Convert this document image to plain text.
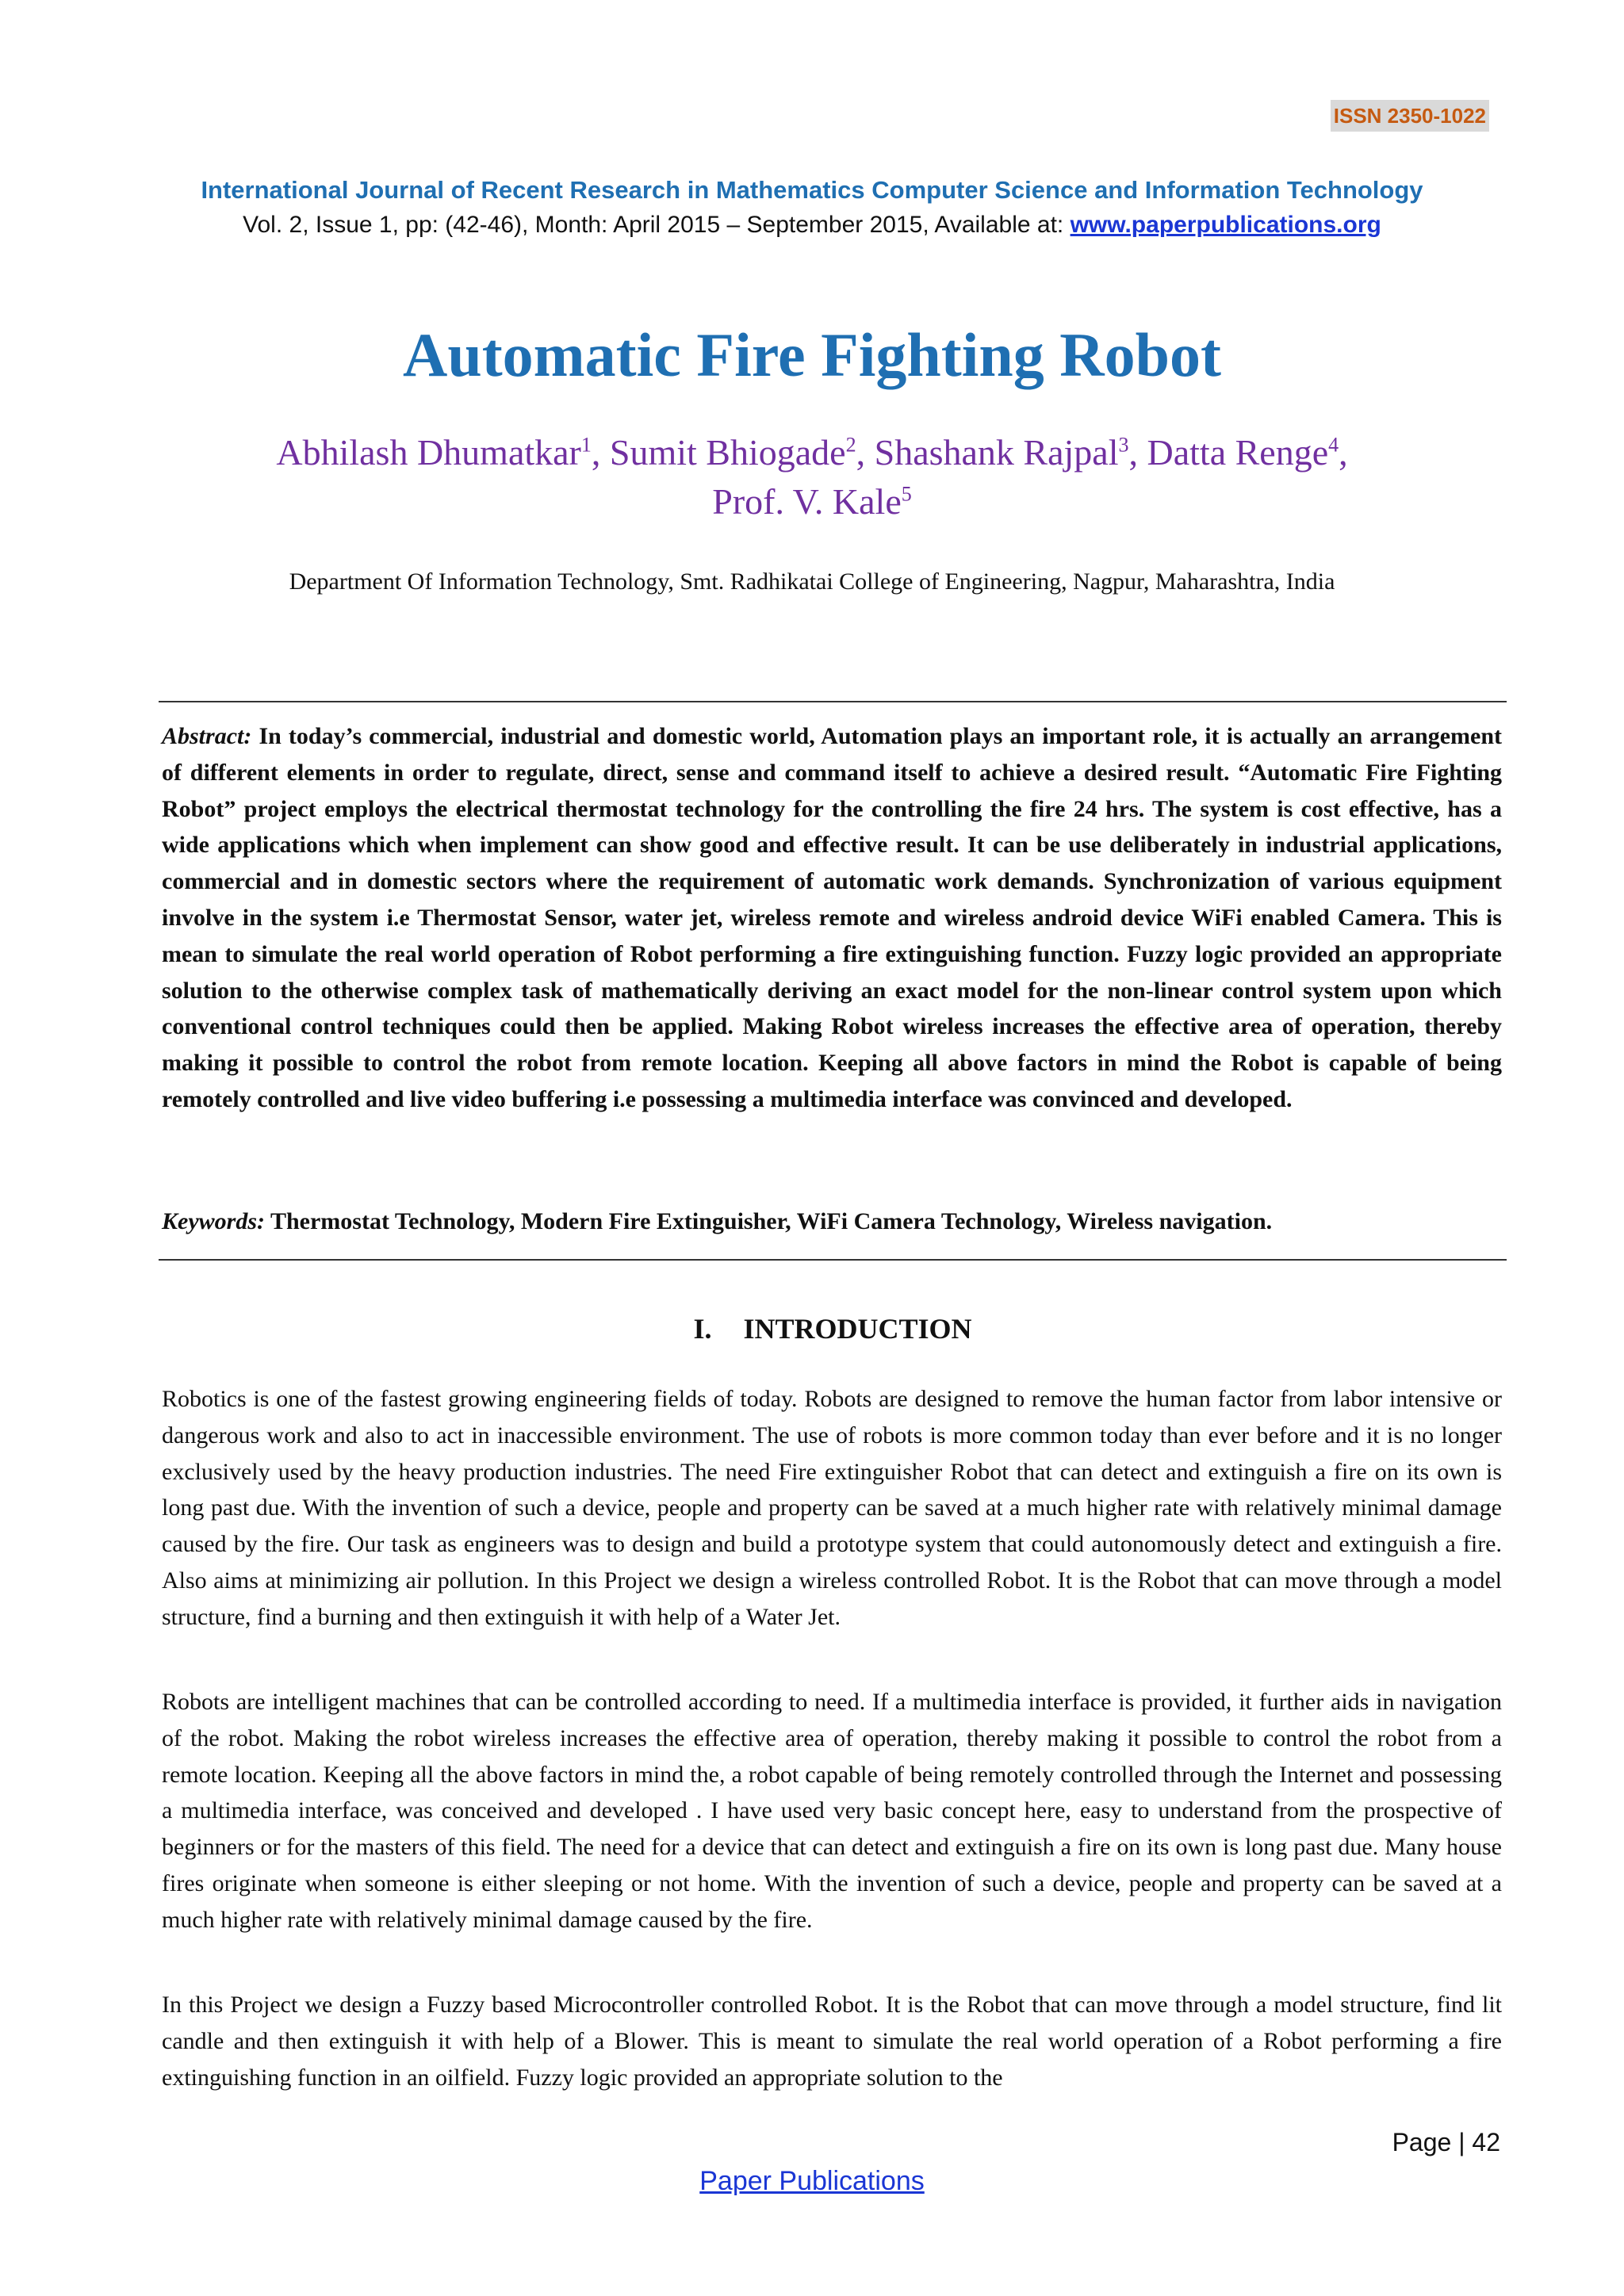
ISSN 2350-1022
International Journal of Recent Research in Mathematics Computer Science and Information Technology
Vol. 2, Issue 1, pp: (42-46), Month: April 2015 – September 2015, Available at: www.paperpublications.org
Automatic Fire Fighting Robot
Abhilash Dhumatkar$^1$, Sumit Bhiogade$^2$, Shashank Rajpal$^3$, Datta Renge$^4$,
Prof. V. Kale$^5$
Department Of Information Technology, Smt. Radhikatai College of Engineering, Nagpur, Maharashtra, India
Abstract: In today’s commercial, industrial and domestic world, Automation plays an important role, it is actually an arrangement of different elements in order to regulate, direct, sense and command itself to achieve a desired result. “Automatic Fire Fighting Robot” project employs the electrical thermostat technology for the controlling the fire 24 hrs. The system is cost effective, has a wide applications which when implement can show good and effective result. It can be use deliberately in industrial applications, commercial and in domestic sectors where the requirement of automatic work demands. Synchronization of various equipment involve in the system i.e Thermostat Sensor, water jet, wireless remote and wireless android device WiFi enabled Camera. This is mean to simulate the real world operation of Robot performing a fire extinguishing function. Fuzzy logic provided an appropriate solution to the otherwise complex task of mathematically deriving an exact model for the non-linear control system upon which conventional control techniques could then be applied. Making Robot wireless increases the effective area of operation, thereby making it possible to control the robot from remote location. Keeping all above factors in mind the Robot is capable of being remotely controlled and live video buffering i.e possessing a multimedia interface was convinced and developed.
Keywords: Thermostat Technology, Modern Fire Extinguisher, WiFi Camera Technology, Wireless navigation.
I. INTRODUCTION

Robotics is one of the fastest growing engineering fields of today. Robots are designed to remove the human factor from labor intensive or dangerous work and also to act in inaccessible environment. The use of robots is more common today than ever before and it is no longer exclusively used by the heavy production industries. The need Fire extinguisher Robot that can detect and extinguish a fire on its own is long past due. With the invention of such a device, people and property can be saved at a much higher rate with relatively minimal damage caused by the fire. Our task as engineers was to design and build a prototype system that could autonomously detect and extinguish a fire. Also aims at minimizing air pollution. In this Project we design a wireless controlled Robot. It is the Robot that can move through a model structure, find a burning and then extinguish it with help of a Water Jet.

Robots are intelligent machines that can be controlled according to need. If a multimedia interface is provided, it further aids in navigation of the robot. Making the robot wireless increases the effective area of operation, thereby making it possible to control the robot from a remote location. Keeping all the above factors in mind the, a robot capable of being remotely controlled through the Internet and possessing a multimedia interface, was conceived and developed . I have used very basic concept here, easy to understand from the prospective of beginners or for the masters of this field. The need for a device that can detect and extinguish a fire on its own is long past due. Many house fires originate when someone is either sleeping or not home. With the invention of such a device, people and property can be saved at a much higher rate with relatively minimal damage caused by the fire.

In this Project we design a Fuzzy based Microcontroller controlled Robot. It is the Robot that can move through a model structure, find lit candle and then extinguish it with help of a Blower. This is meant to simulate the real world operation of a Robot performing a fire extinguishing function in an oilfield. Fuzzy logic provided an appropriate solution to the

Page | 42
Paper Publications
